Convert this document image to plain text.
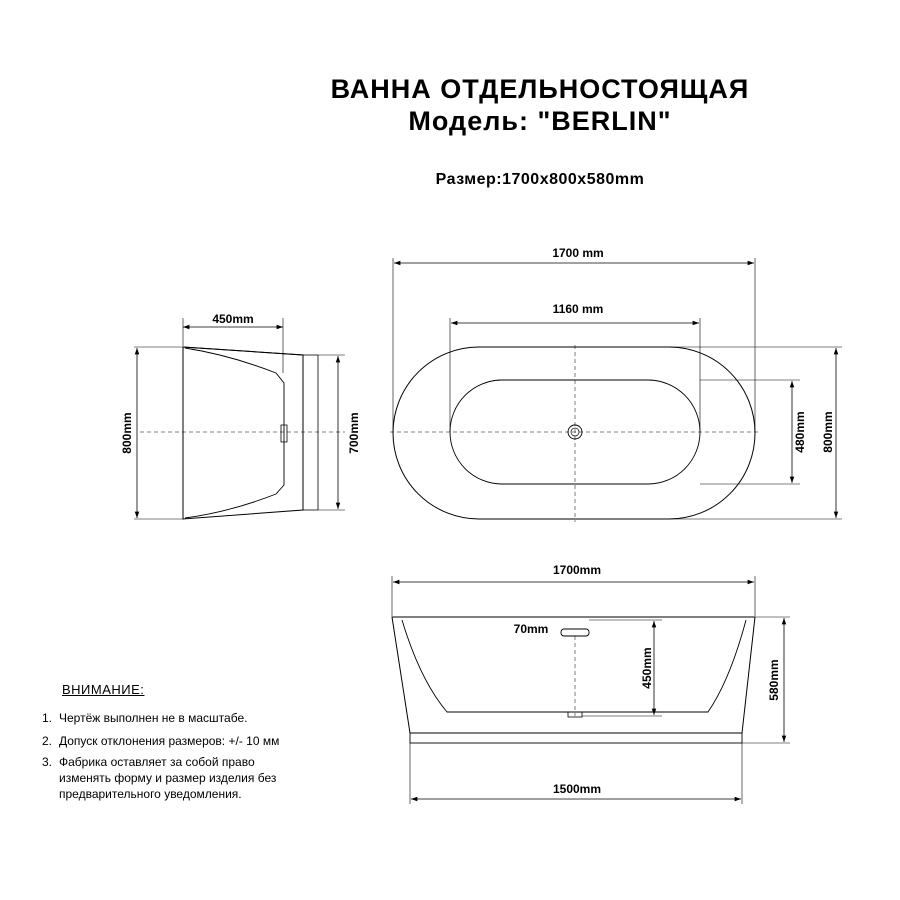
ВАННА ОТДЕЛЬНОСТОЯЩАЯ
Модель: "BERLIN"
Размер:1700x800x580mm
450mm
800mm	700mm
1700 mm
1160 mm
480mm 800mm
1700mm
70mm
450mm	580mm
1500mm
ВНИМАНИЕ:
1. Чертёж выполнен не в масштабе.
2. Допуск отклонения размеров: +/- 10 мм
3. Фабрика оставляет за собой право изменять форму и размер изделия без предварительного уведомления.
